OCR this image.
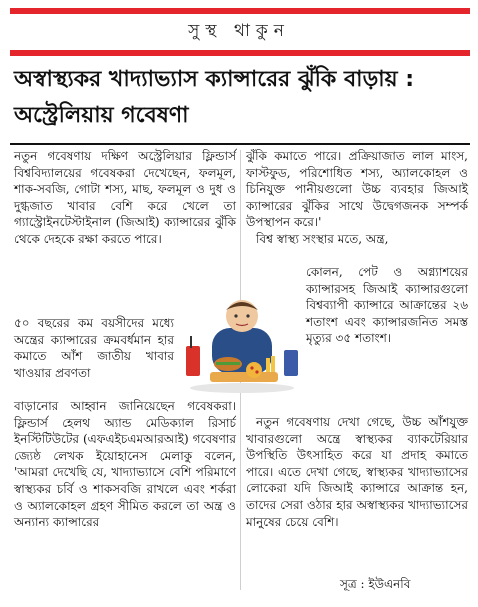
সুস্থ থাকুন
অস্বাস্থ্যকর খাদ্যাভ্যাস ক্যান্সারের ঝুঁকি বাড়ায় : অস্ট্রেলিয়ায় গবেষণা

নতুন গবেষণায় দক্ষিণ অস্ট্রেলিয়ার ফ্লিন্ডার্স বিশ্ববিদ্যালয়ের গবেষকরা দেখেছেন, ফলমূল, শাক-সবজি, গোটা শস্য, মাছ, ফলমূল ও দুধ ও দুগ্ধজাত খাবার বেশি করে খেলে তা গ্যাস্ট্রোইনটেস্টাইনাল (জিআই) ক্যান্সারের ঝুঁকি থেকে দেহকে রক্ষা করতে পারে।

৫০ বছরের কম বয়সীদের মধ্যে অন্ত্রের ক্যান্সারের ক্রমবর্ধমান হার কমাতে আঁশ জাতীয় খাবার খাওয়ার প্রবণতা

বাড়ানোর আহ্বান জানিয়েছেন গবেষকরা। ফ্লিন্ডার্স হেলথ অ্যান্ড মেডিক্যাল রিসার্চ ইনস্টিটিউটের (এফএইচএমআরআই) গবেষণার জ্যেষ্ঠ লেখক ইয়োহানেস মেলাকু বলেন, 'আমরা দেখেছি যে, খাদ্যাভ্যাসে বেশি পরিমাণে স্বাস্থ্যকর চর্বি ও শাকসবজি রাখলে এবং শর্করা ও অ্যালকোহল গ্রহণ সীমিত করলে তা অন্ত্র ও অন্যান্য ক্যান্সারের

ঝুঁকি কমাতে পারে। প্রক্রিয়াজাত লাল মাংস, ফাস্টফুড, পরিশোধিত শস্য, অ্যালকোহল ও চিনিযুক্ত পানীয়গুলো উচ্চ ব্যবহার জিআই ক্যান্সারের ঝুঁকির সাথে উদ্বেগজনক সম্পর্ক উপস্থাপন করে।'

বিশ্ব স্বাস্থ্য সংস্থার মতে, অন্ত্র,

কোলন, পেট ও অগ্ন্যাশয়ের ক্যান্সারসহ জিআই ক্যান্সারগুলো বিশ্বব্যাপী ক্যান্সারে আক্রান্তের ২৬ শতাংশ এবং ক্যান্সারজনিত সমস্ত মৃত্যুর ৩৫ শতাংশ।

নতুন গবেষণায় দেখা গেছে, উচ্চ আঁশযুক্ত খাবারগুলো অন্ত্রে স্বাস্থ্যকর ব্যাকটেরিয়ার উপস্থিতি উৎসাহিত করে যা প্রদাহ কমাতে পারে। এতে দেখা গেছে, স্বাস্থ্যকর খাদ্যাভ্যাসের লোকেরা যদি জিআই ক্যান্সারে আক্রান্ত হন, তাদের সেরা ওঠার হার অস্বাস্থ্যকর খাদ্যাভ্যাসের মানুষের চেয়ে বেশি।

সূত্র : ইউএনবি
